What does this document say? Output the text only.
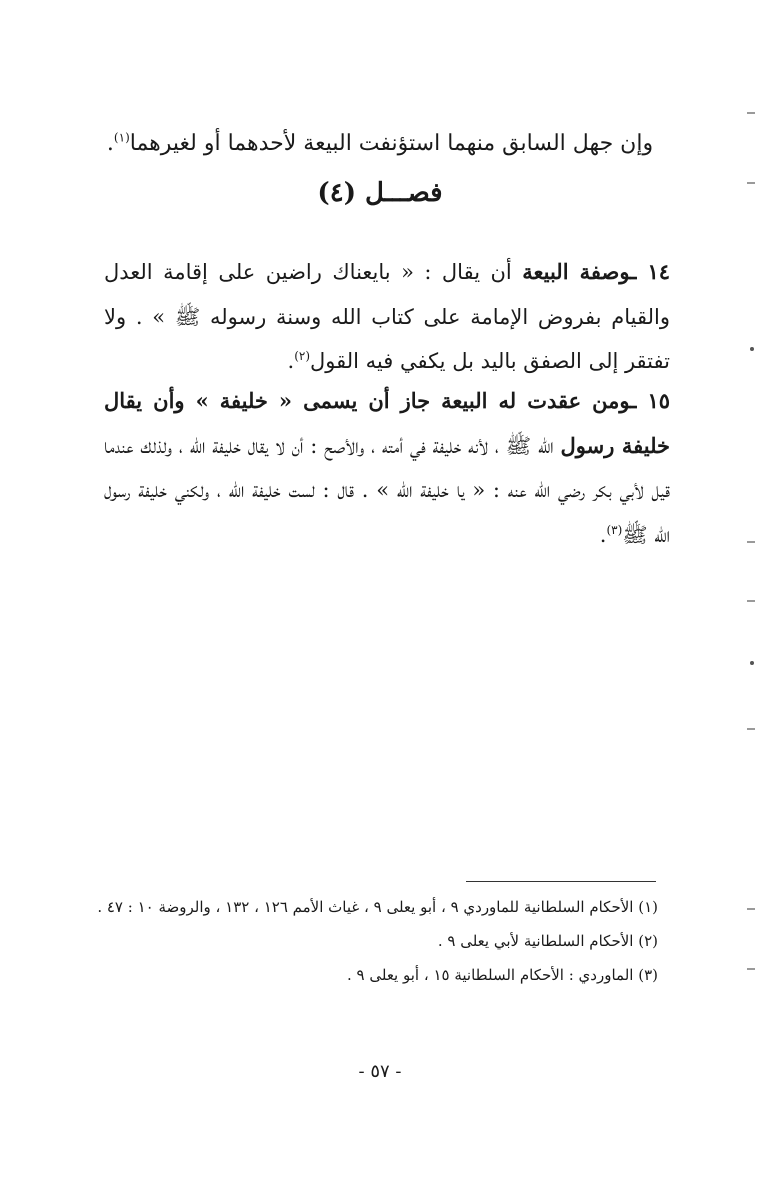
وإن جهل السابق منهما استؤنفت البيعة لأحدهما أو لغيرهما$^{(١)}$.
فصـــل (٤)
١٤ ـوصفة البيعة أن يقال : « بايعناك راضين على إقامة العدل والقيام بفروض الإمامة على كتاب الله وسنة رسوله ﷺ » . ولا تفتقر إلى الصفق باليد بل يكفي فيه القول$^{(٢)}$.
١٥ ـومن عقدت له البيعة جاز أن يسمى « خليفة » وأن يقال خليفة رسول الله ﷺ ، لأنه خليفة في أمته ، والأصح : أن لا يقال خليفة الله ، ولذلك عندما قيل لأبي بكر رضي الله عنه : « يا خليفة الله » . قال : لست خليفة الله ، ولكني خليفة رسول الله ﷺ$^{(٣)}$.
(١) الأحكام السلطانية للماوردي ٩ ، أبو يعلى ٩ ، غياث الأمم ١٢٦ ، ١٣٢ ، والروضة ١٠ : ٤٧ .
(٢) الأحكام السلطانية لأبي يعلى ٩ .
(٣) الماوردي : الأحكام السلطانية ١٥ ، أبو يعلى ٩ .
- ٥٧ -
